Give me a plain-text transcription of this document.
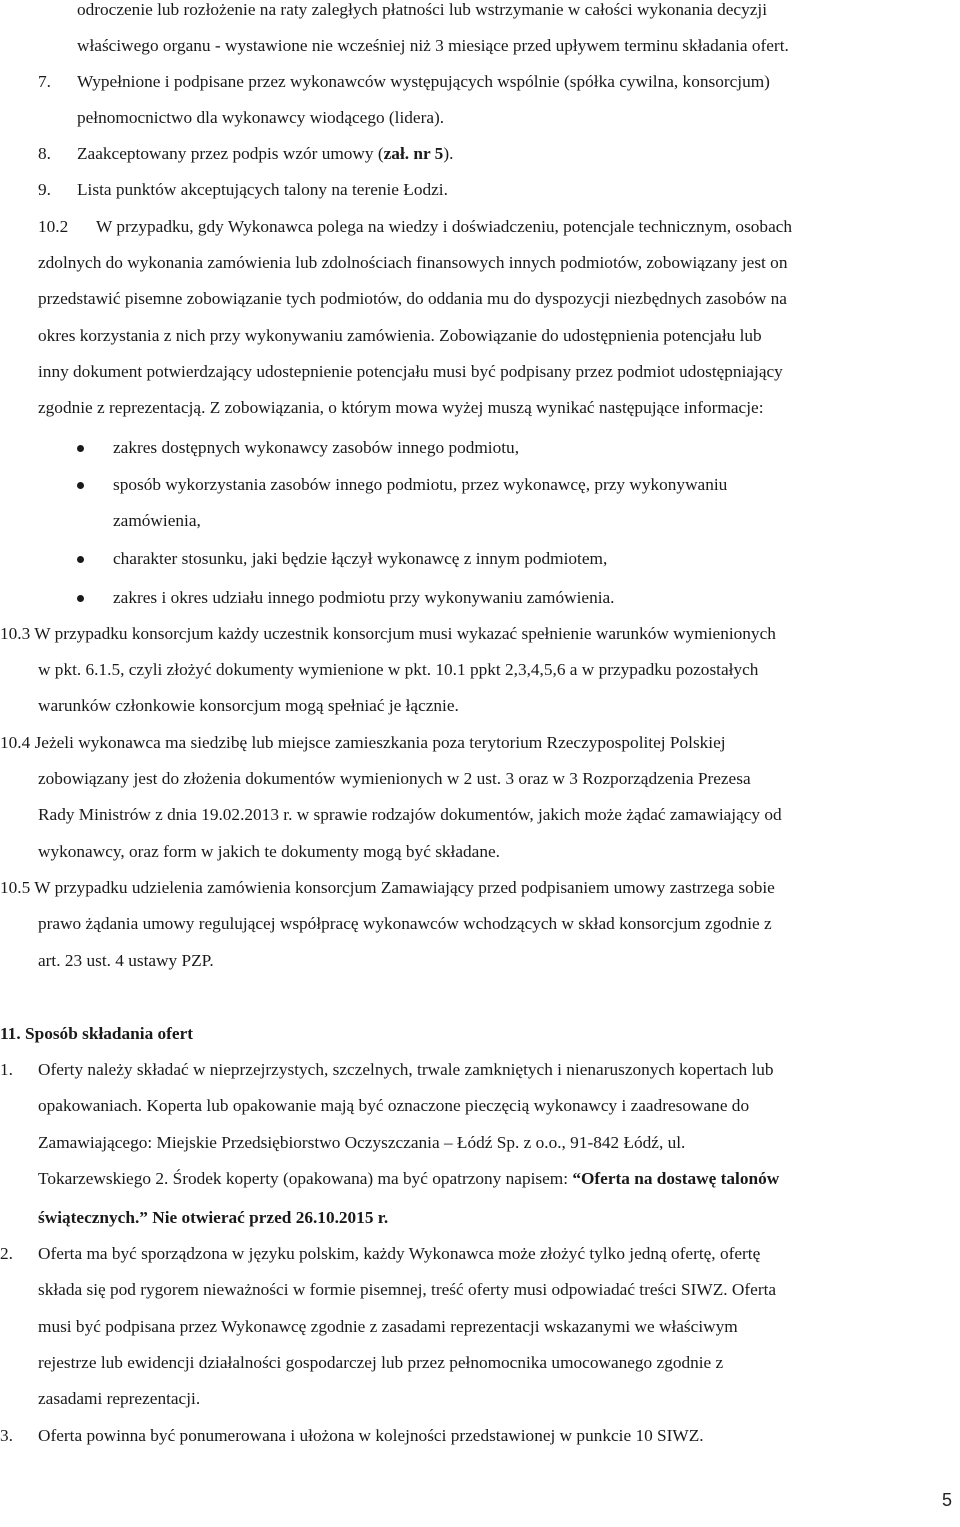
odroczenie lub rozłożenie na raty zaległych płatności lub wstrzymanie w całości wykonania decyzji
właściwego organu - wystawione nie wcześniej niż 3 miesiące przed upływem terminu składania ofert.
7. Wypełnione i podpisane przez wykonawców występujących wspólnie (spółka cywilna, konsorcjum)
pełnomocnictwo dla wykonawcy wiodącego (lidera).
8. Zaakceptowany przez podpis wzór umowy (zał. nr 5).
9. Lista punktów akceptujących talony na terenie Łodzi.
10.2 W przypadku, gdy Wykonawca polega na wiedzy i doświadczeniu, potencjale technicznym, osobach
zdolnych do wykonania zamówienia lub zdolnościach finansowych innych podmiotów, zobowiązany jest on
przedstawić pisemne zobowiązanie tych podmiotów, do oddania mu do dyspozycji niezbędnych zasobów na
okres korzystania z nich przy wykonywaniu zamówienia. Zobowiązanie do udostępnienia potencjału lub
inny dokument potwierdzający udostepnienie potencjału musi być podpisany przez podmiot udostępniający
zgodnie z reprezentacją. Z zobowiązania, o którym mowa wyżej muszą wynikać następujące informacje:
zakres dostępnych wykonawcy zasobów innego podmiotu,
sposób wykorzystania zasobów innego podmiotu, przez wykonawcę, przy wykonywaniu
zamówienia,
charakter stosunku, jaki będzie łączył wykonawcę z innym podmiotem,
zakres i okres udziału innego podmiotu przy wykonywaniu zamówienia.
10.3 W przypadku konsorcjum każdy uczestnik konsorcjum musi wykazać spełnienie warunków wymienionych
w pkt. 6.1.5, czyli złożyć dokumenty wymienione w pkt. 10.1 ppkt 2,3,4,5,6 a w przypadku pozostałych
warunków członkowie konsorcjum mogą spełniać je łącznie.
10.4 Jeżeli wykonawca ma siedzibę lub miejsce zamieszkania poza terytorium Rzeczypospolitej Polskiej
zobowiązany jest do złożenia dokumentów wymienionych w 2 ust. 3 oraz w 3 Rozporządzenia Prezesa
Rady Ministrów z dnia 19.02.2013 r. w sprawie rodzajów dokumentów, jakich może żądać zamawiający od
wykonawcy, oraz form w jakich te dokumenty mogą być składane.
10.5 W przypadku udzielenia zamówienia konsorcjum Zamawiający przed podpisaniem umowy zastrzega sobie
prawo żądania umowy regulującej współpracę wykonawców wchodzących w skład konsorcjum zgodnie z
art. 23 ust. 4 ustawy PZP.
11. Sposób składania ofert
1. Oferty należy składać w nieprzejrzystych, szczelnych, trwale zamkniętych i nienaruszonych kopertach lub
opakowaniach. Koperta lub opakowanie mają być oznaczone pieczęcią wykonawcy i zaadresowane do
Zamawiającego: Miejskie Przedsiębiorstwo Oczyszczania – Łódź Sp. z o.o., 91-842 Łódź, ul.
Tokarzewskiego 2. Środek koperty (opakowana) ma być opatrzony napisem: “Oferta na dostawę talonów
świątecznych.” Nie otwierać przed 26.10.2015 r.
2. Oferta ma być sporządzona w języku polskim, każdy Wykonawca może złożyć tylko jedną ofertę, ofertę
składa się pod rygorem nieważności w formie pisemnej, treść oferty musi odpowiadać treści SIWZ. Oferta
musi być podpisana przez Wykonawcę zgodnie z zasadami reprezentacji wskazanymi we właściwym
rejestrze lub ewidencji działalności gospodarczej lub przez pełnomocnika umocowanego zgodnie z
zasadami reprezentacji.
3. Oferta powinna być ponumerowana i ułożona w kolejności przedstawionej w punkcie 10 SIWZ.
5
